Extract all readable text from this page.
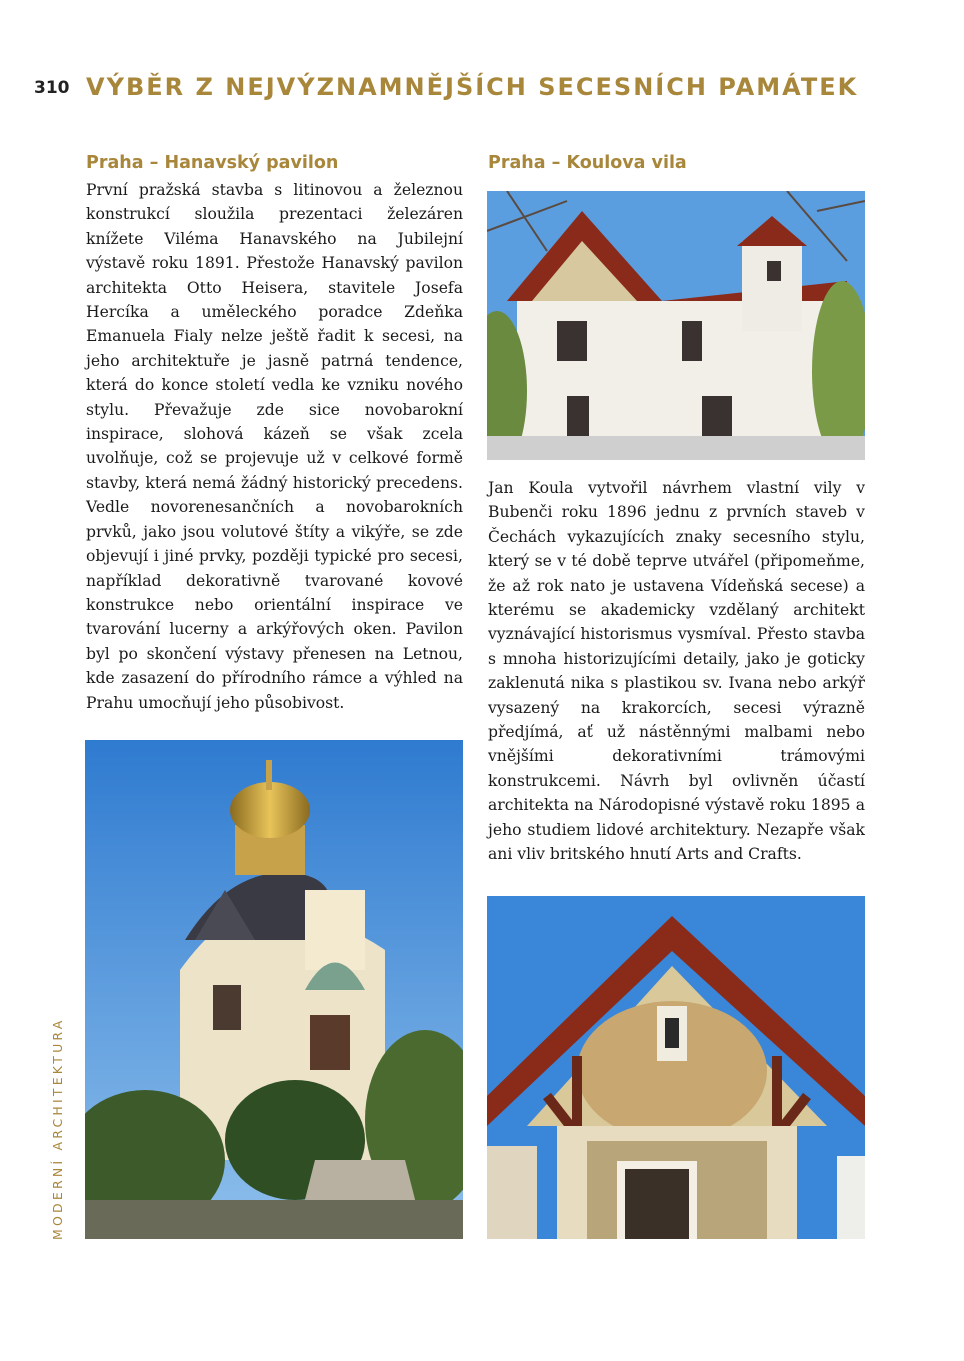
310 VÝBĚR Z NEJVÝZNAMNĚJŠÍCH SECESNÍCH PAMÁTEK
MODERNÍ ARCHITEKTURA
Praha – Hanavský pavilon

První pražská stavba s litinovou a železnou konstrukcí sloužila prezentaci železáren knížete Viléma Hanavského na Jubilejní výstavě roku 1891. Přestože Hanavský pavilon architekta Otto Heisera, stavitele Josefa Hercíka a uměleckého poradce Zdeňka Emanuela Fialy nelze ještě řadit k secesi, na jeho architektuře je jasně patrná tendence, která do konce století vedla ke vzniku nového stylu. Převažuje zde sice novobarokní inspirace, slohová kázeň se však zcela uvolňuje, což se projevuje už v celkové formě stavby, která nemá žádný historický precedens. Vedle novorenesančních a novobarokních prvků, jako jsou volutové štíty a vikýře, se zde objevují i jiné prvky, později typické pro secesi, například dekorativně tvarované kovové konstrukce nebo orientální inspirace ve tvarování lucerny a arkýřových oken. Pavilon byl po skončení výstavy přenesen na Letnou, kde zasazení do přírodního rámce a výhled na Prahu umocňují jeho působivost.

Praha – Koulova vila

Jan Koula vytvořil návrhem vlastní vily v Bubenči roku 1896 jednu z prvních staveb v Čechách vykazujících znaky secesního stylu, který se v té době teprve utvářel (připomeňme, že až rok nato je ustavena Vídeňská secese) a kterému se akademicky vzdělaný architekt vyznávající historismus vysmíval. Přesto stavba s mnoha historizujícími detaily, jako je goticky zaklenutá nika s plastikou sv. Ivana nebo arkýř vysazený na krakorcích, secesi výrazně předjímá, ať už nástěnnými malbami nebo vnějšími dekorativními trámovými konstrukcemi. Návrh byl ovlivněn účastí architekta na Národopisné výstavě roku 1895 a jeho studiem lidové architektury. Nezapře však ani vliv britského hnutí Arts and Crafts.
